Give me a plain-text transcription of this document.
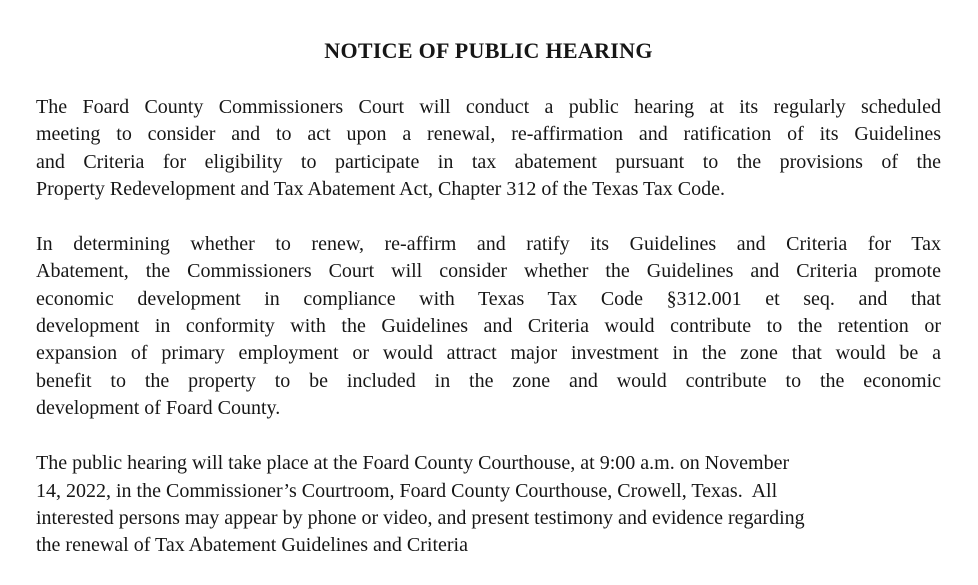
NOTICE OF PUBLIC HEARING
The Foard County Commissioners Court will conduct a public hearing at its regularly scheduled
meeting to consider and to act upon a renewal, re-affirmation and ratification of its Guidelines
and Criteria for eligibility to participate in tax abatement pursuant to the provisions of the
Property Redevelopment and Tax Abatement Act, Chapter 312 of the Texas Tax Code.
In determining whether to renew, re-affirm and ratify its Guidelines and Criteria for Tax
Abatement, the Commissioners Court will consider whether the Guidelines and Criteria promote
economic development in compliance with Texas Tax Code §312.001 et seq. and that
development in conformity with the Guidelines and Criteria would contribute to the retention or
expansion of primary employment or would attract major investment in the zone that would be a
benefit to the property to be included in the zone and would contribute to the economic
development of Foard County.
The public hearing will take place at the Foard County Courthouse, at 9:00 a.m. on November
14, 2022, in the Commissioner’s Courtroom, Foard County Courthouse, Crowell, Texas.  All
interested persons may appear by phone or video, and present testimony and evidence regarding
the renewal of Tax Abatement Guidelines and Criteria
